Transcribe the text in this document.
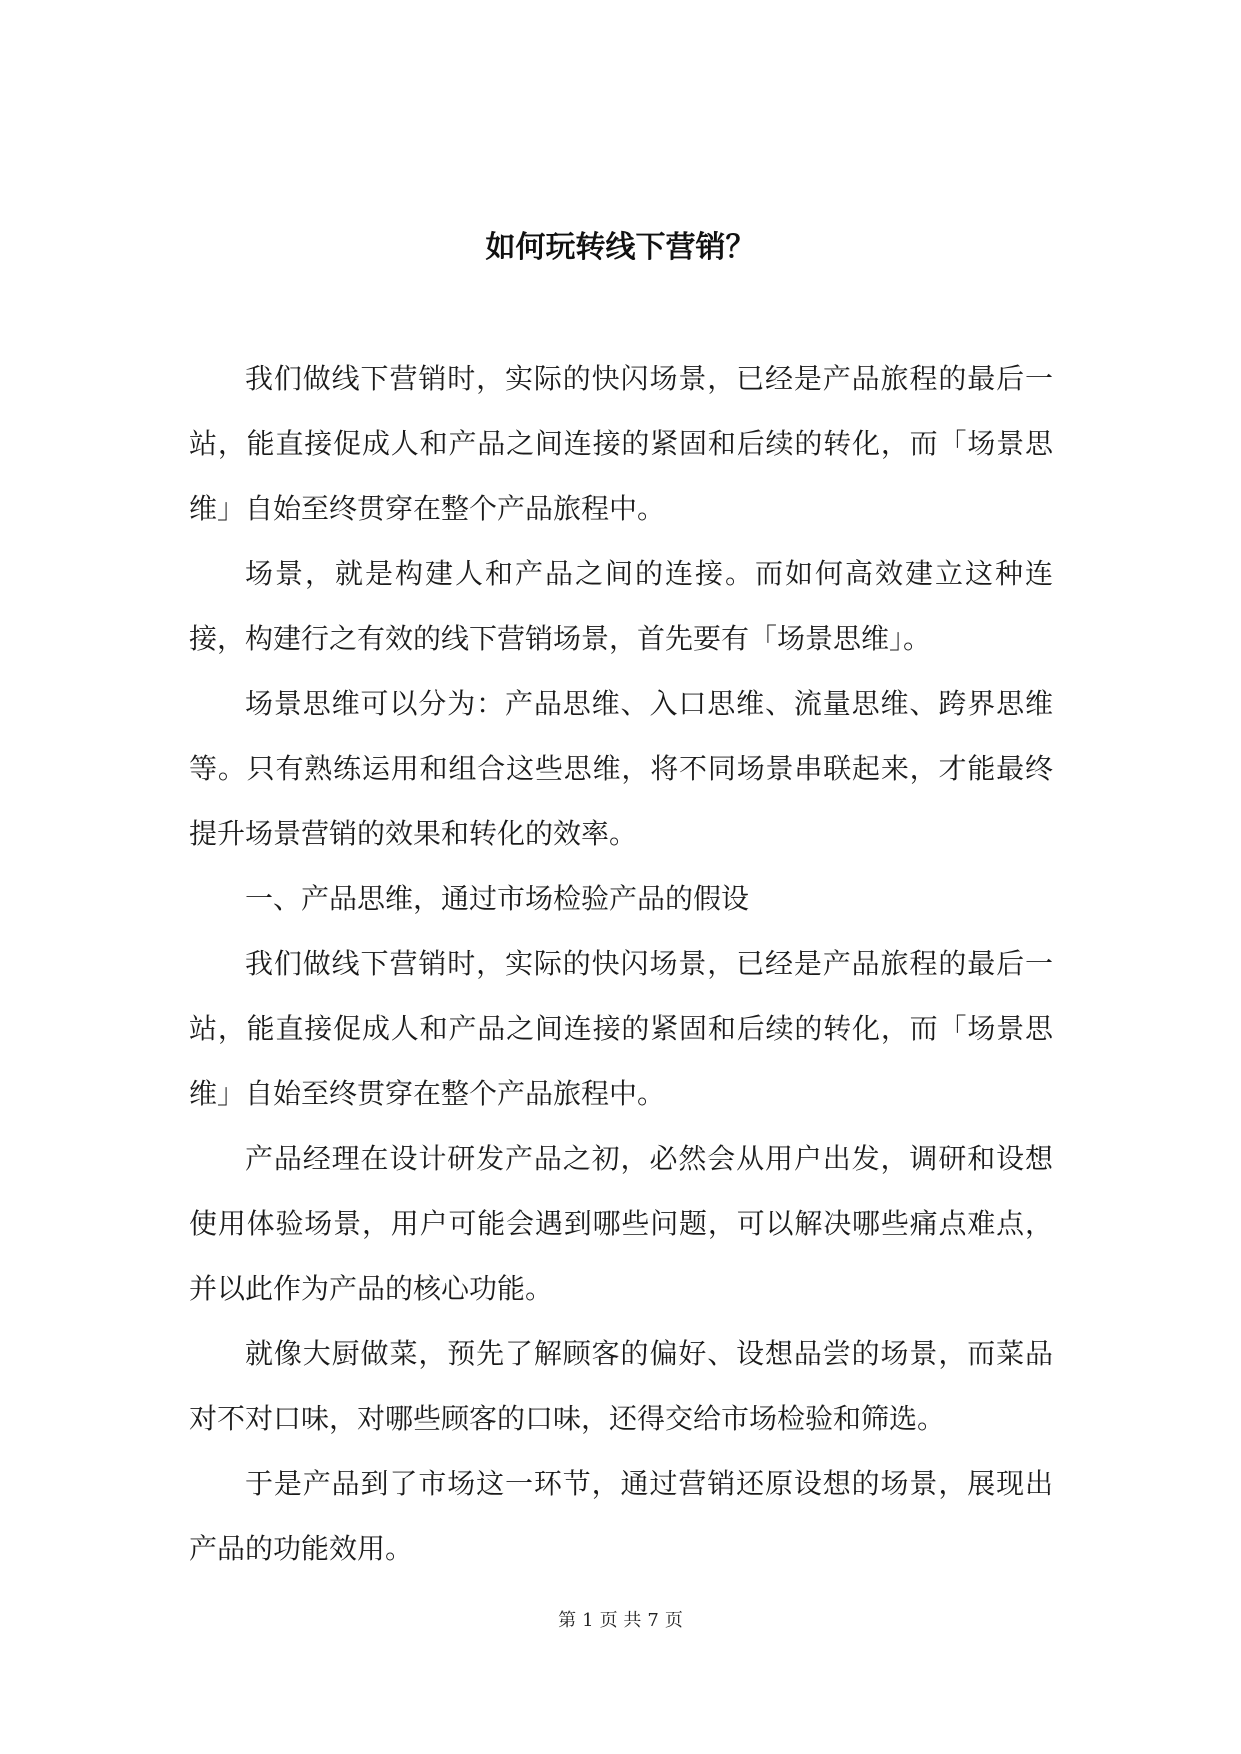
如何玩转线下营销？

我们做线下营销时，实际的快闪场景，已经是产品旅程的最后一站，能直接促成人和产品之间连接的紧固和后续的转化，而「场景思维」自始至终贯穿在整个产品旅程中。

场景，就是构建人和产品之间的连接。而如何高效建立这种连接，构建行之有效的线下营销场景，首先要有「场景思维」。

场景思维可以分为：产品思维、入口思维、流量思维、跨界思维等。只有熟练运用和组合这些思维，将不同场景串联起来，才能最终提升场景营销的效果和转化的效率。

一、产品思维，通过市场检验产品的假设

我们做线下营销时，实际的快闪场景，已经是产品旅程的最后一站，能直接促成人和产品之间连接的紧固和后续的转化，而「场景思维」自始至终贯穿在整个产品旅程中。

产品经理在设计研发产品之初，必然会从用户出发，调研和设想使用体验场景，用户可能会遇到哪些问题，可以解决哪些痛点难点，并以此作为产品的核心功能。

就像大厨做菜，预先了解顾客的偏好、设想品尝的场景，而菜品对不对口味，对哪些顾客的口味，还得交给市场检验和筛选。

于是产品到了市场这一环节，通过营销还原设想的场景，展现出产品的功能效用。

第 1 页 共 7 页
